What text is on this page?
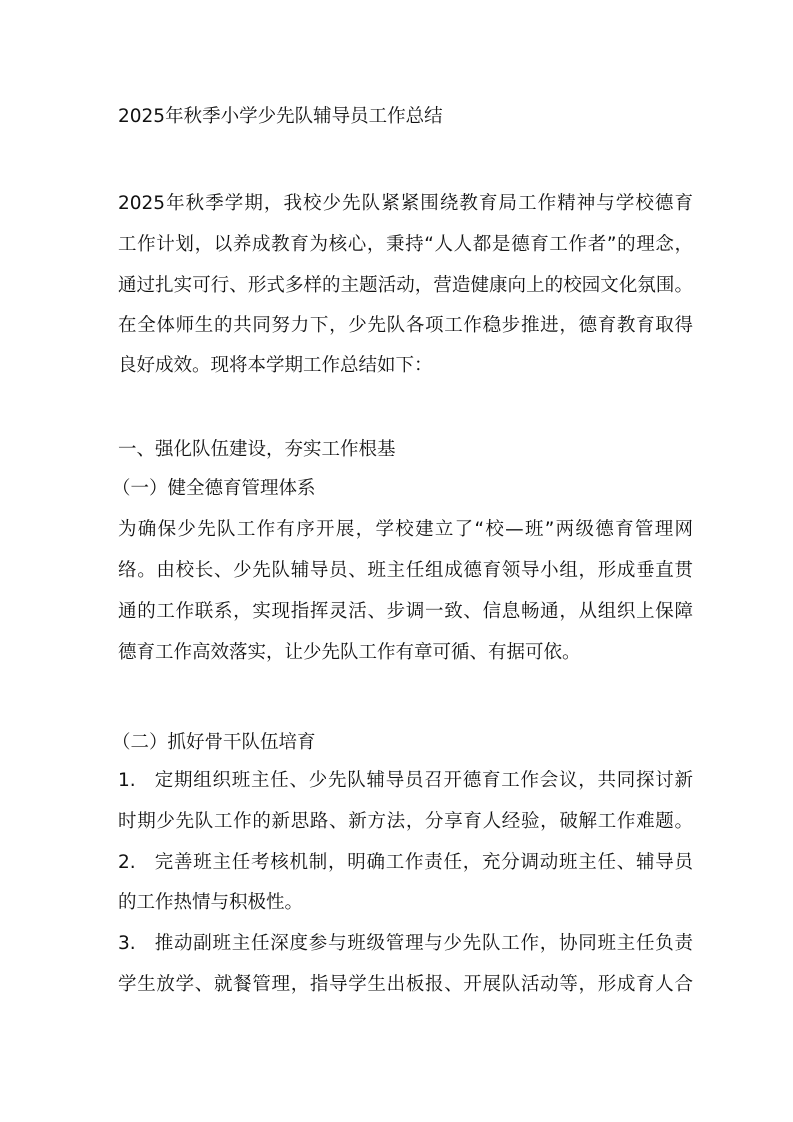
2025年秋季小学少先队辅导员工作总结
2025年秋季学期，我校少先队紧紧围绕教育局工作精神与学校德育
工作计划，以养成教育为核心，秉持“人人都是德育工作者”的理念，
通过扎实可行、形式多样的主题活动，营造健康向上的校园文化氛围。
在全体师生的共同努力下，少先队各项工作稳步推进，德育教育取得
良好成效。现将本学期工作总结如下：
一、强化队伍建设，夯实工作根基
（一）健全德育管理体系
为确保少先队工作有序开展，学校建立了“校—班”两级德育管理网
络。由校长、少先队辅导员、班主任组成德育领导小组，形成垂直贯
通的工作联系，实现指挥灵活、步调一致、信息畅通，从组织上保障
德育工作高效落实，让少先队工作有章可循、有据可依。
（二）抓好骨干队伍培育
1. 定期组织班主任、少先队辅导员召开德育工作会议，共同探讨新
时期少先队工作的新思路、新方法，分享育人经验，破解工作难题。
2. 完善班主任考核机制，明确工作责任，充分调动班主任、辅导员
的工作热情与积极性。
3. 推动副班主任深度参与班级管理与少先队工作，协同班主任负责
学生放学、就餐管理，指导学生出板报、开展队活动等，形成育人合
